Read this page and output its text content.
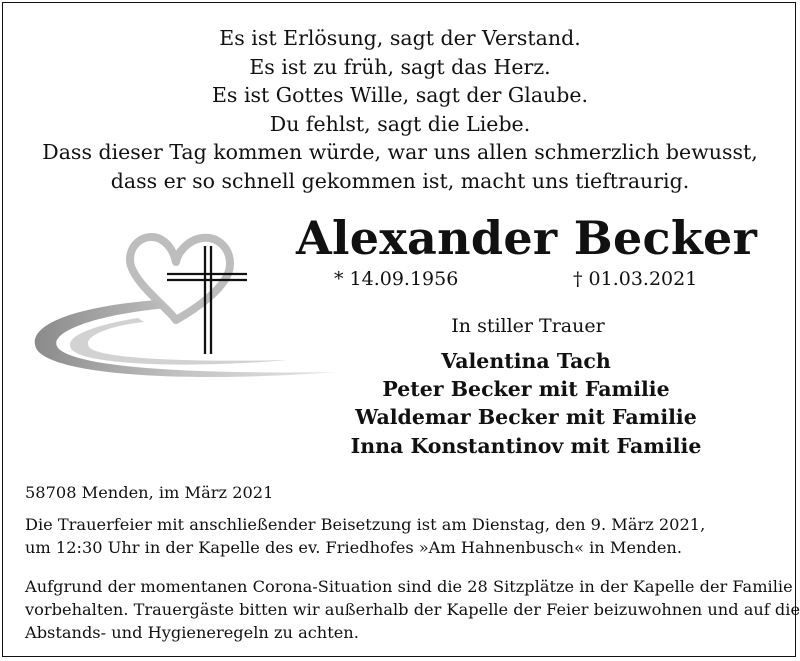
Es ist Erlösung, sagt der Verstand.
Es ist zu früh, sagt das Herz.
Es ist Gottes Wille, sagt der Glaube.
Du fehlst, sagt die Liebe.
Dass dieser Tag kommen würde, war uns allen schmerzlich bewusst,
dass er so schnell gekommen ist, macht uns tieftraurig.
Alexander Becker
* 14.09.1956	† 01.03.2021
In stiller Trauer
Valentina Tach
Peter Becker mit Familie
Waldemar Becker mit Familie
Inna Konstantinov mit Familie
58708 Menden, im März 2021
Die Trauerfeier mit anschließender Beisetzung ist am Dienstag, den 9. März 2021,
um 12:30 Uhr in der Kapelle des ev. Friedhofes »Am Hahnenbusch« in Menden.
Aufgrund der momentanen Corona-Situation sind die 28 Sitzplätze in der Kapelle der Familie
vorbehalten. Trauergäste bitten wir außerhalb der Kapelle der Feier beizuwohnen und auf die
Abstands- und Hygieneregeln zu achten.
